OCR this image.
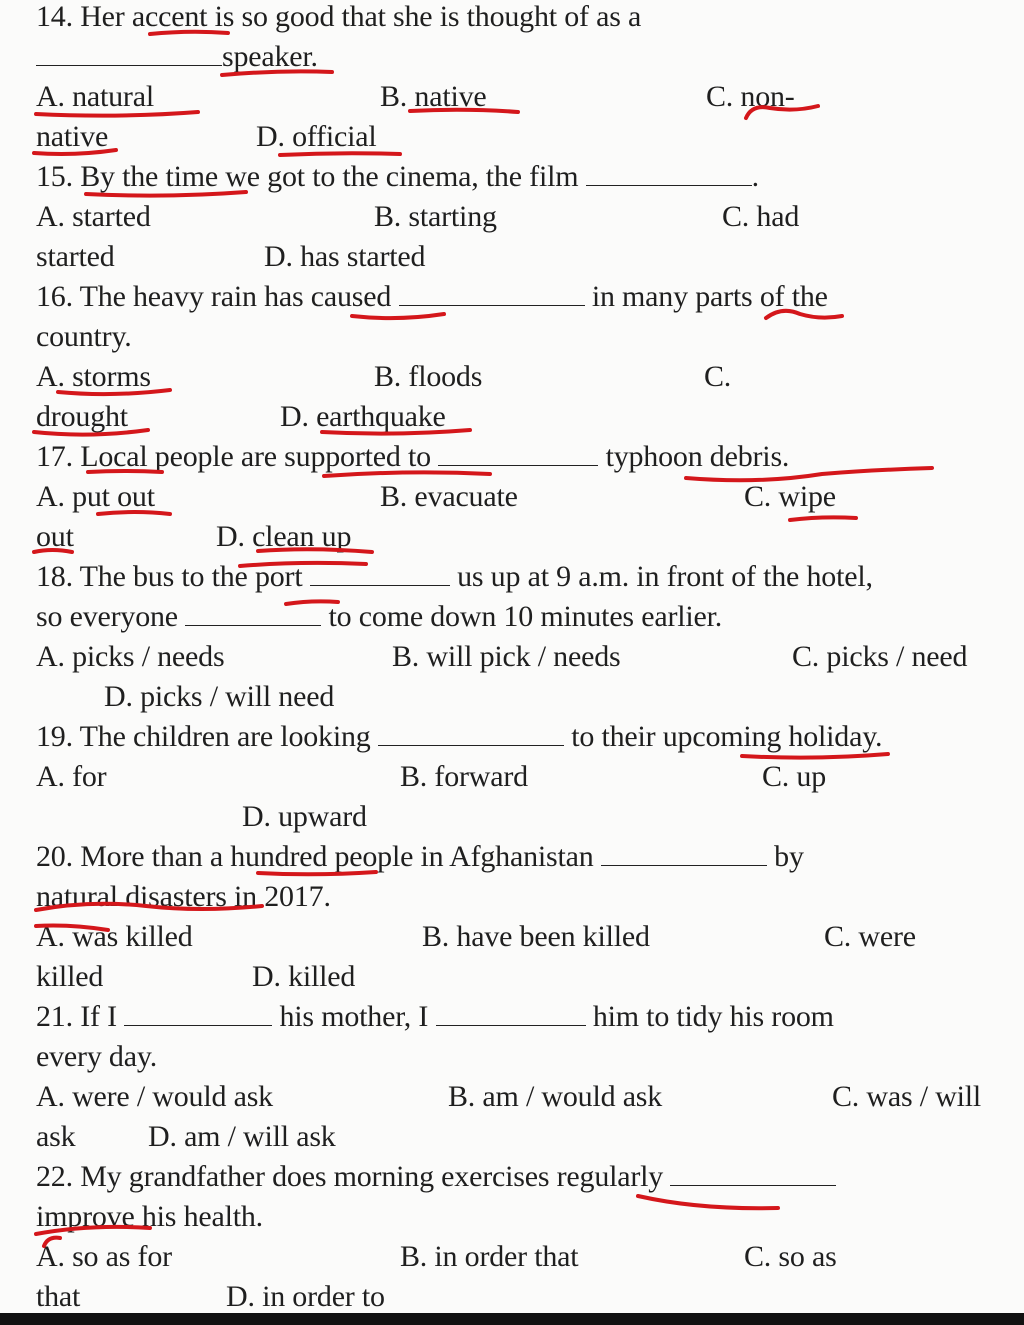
14. Her accent is so good that she is thought of as a
speaker.
A. natural	B. native	C. non-
native	D. official
15. By the time we got to the cinema, the film	.
A. started	B. starting	C. had
started	D. has started
16. The heavy rain has caused	in many parts of the
country.
A. storms	B. floods	C.
drought	D. earthquake
17. Local people are supported to	typhoon debris.
A. put out	B. evacuate	C. wipe
out	D. clean up
18. The bus to the port	us up at 9 a.m. in front of the hotel,
so everyone	to come down 10 minutes earlier.
A. picks / needs	B. will pick / needs	C. picks / need
D. picks / will need
19. The children are looking	to their upcoming holiday.
A. for	B. forward	C. up
D. upward
20. More than a hundred people in Afghanistan	by
natural disasters in 2017.
A. was killed	B. have been killed	C. were
killed	D. killed
21. If I	his mother, I	him to tidy his room
every day.
A. were / would ask	B. am / would ask	C. was / will
ask D. am / will ask
22. My grandfather does morning exercises regularly
improve his health.
A. so as for	B. in order that	C. so as
that	D. in order to
